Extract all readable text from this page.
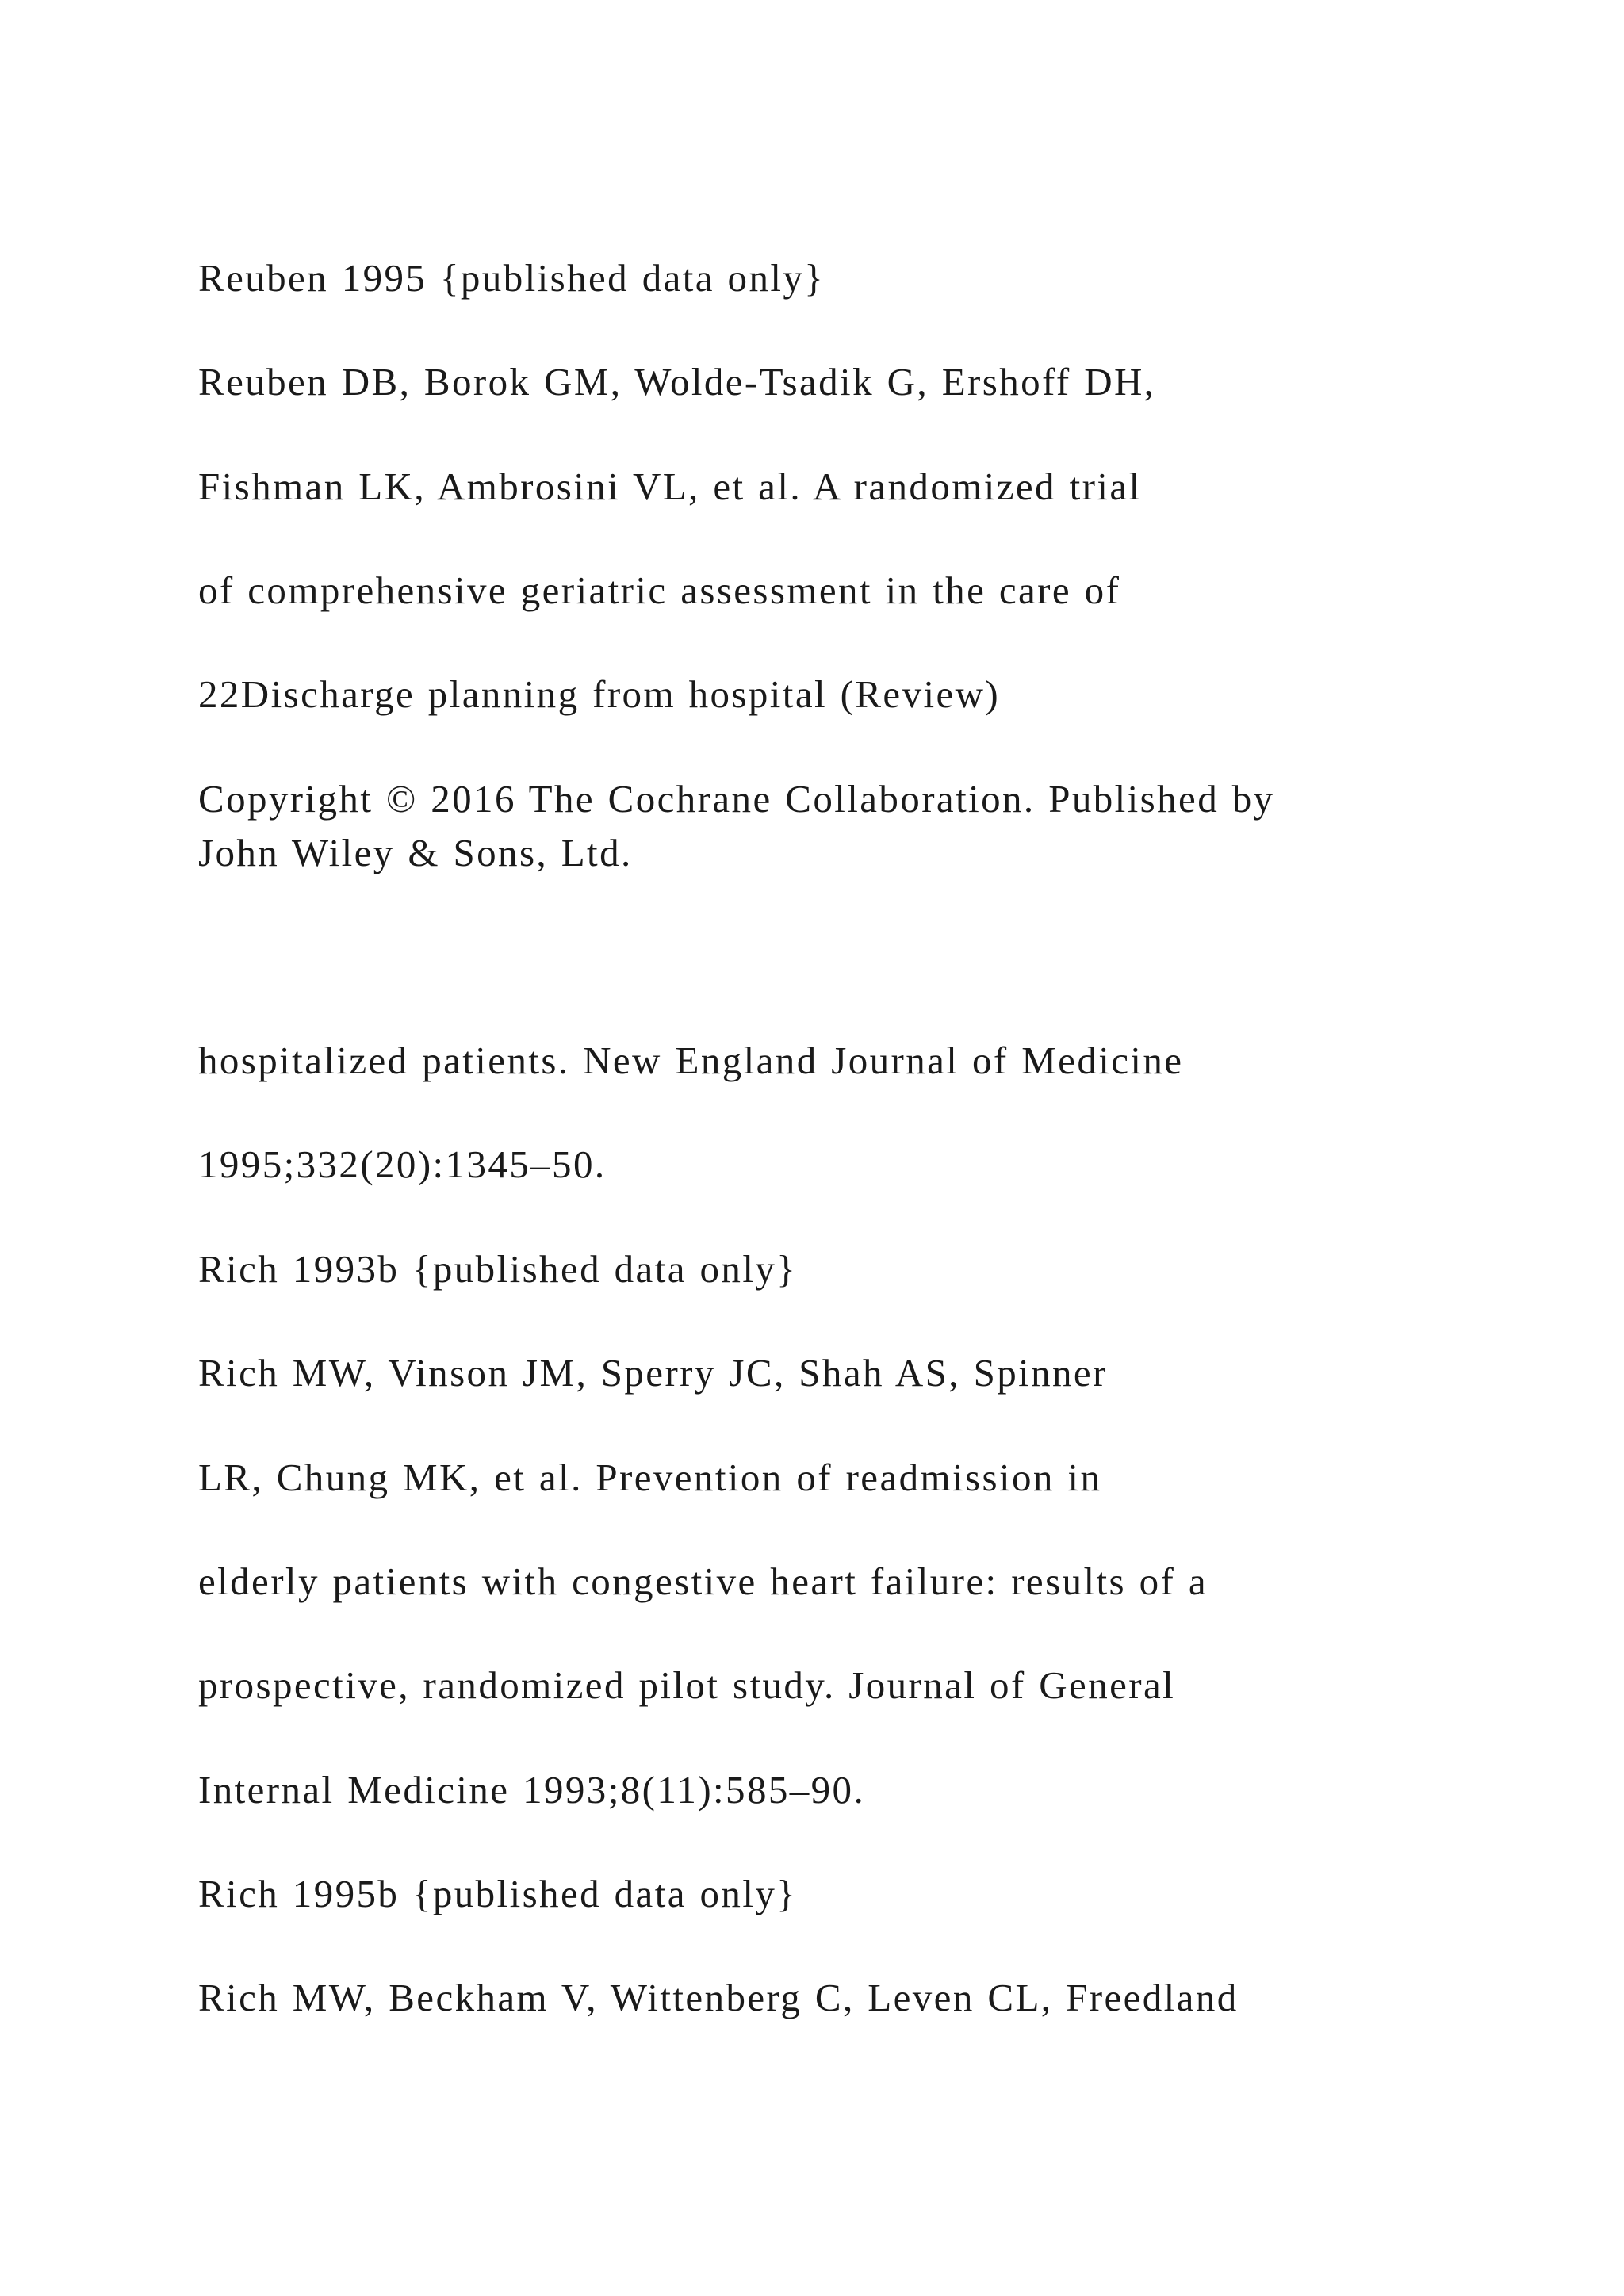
Reuben 1995 {published data only}
Reuben DB, Borok GM, Wolde-Tsadik G, Ershoff DH,
Fishman LK, Ambrosini VL, et al. A randomized trial
of comprehensive geriatric assessment in the care of
22Discharge planning from hospital (Review)
Copyright © 2016 The Cochrane Collaboration. Published by
John Wiley & Sons, Ltd.
hospitalized patients. New England Journal of Medicine
1995;332(20):1345–50.
Rich 1993b {published data only}
Rich MW, Vinson JM, Sperry JC, Shah AS, Spinner
LR, Chung MK, et al. Prevention of readmission in
elderly patients with congestive heart failure: results of a
prospective, randomized pilot study. Journal of General
Internal Medicine 1993;8(11):585–90.
Rich 1995b {published data only}
Rich MW, Beckham V, Wittenberg C, Leven CL, Freedland
